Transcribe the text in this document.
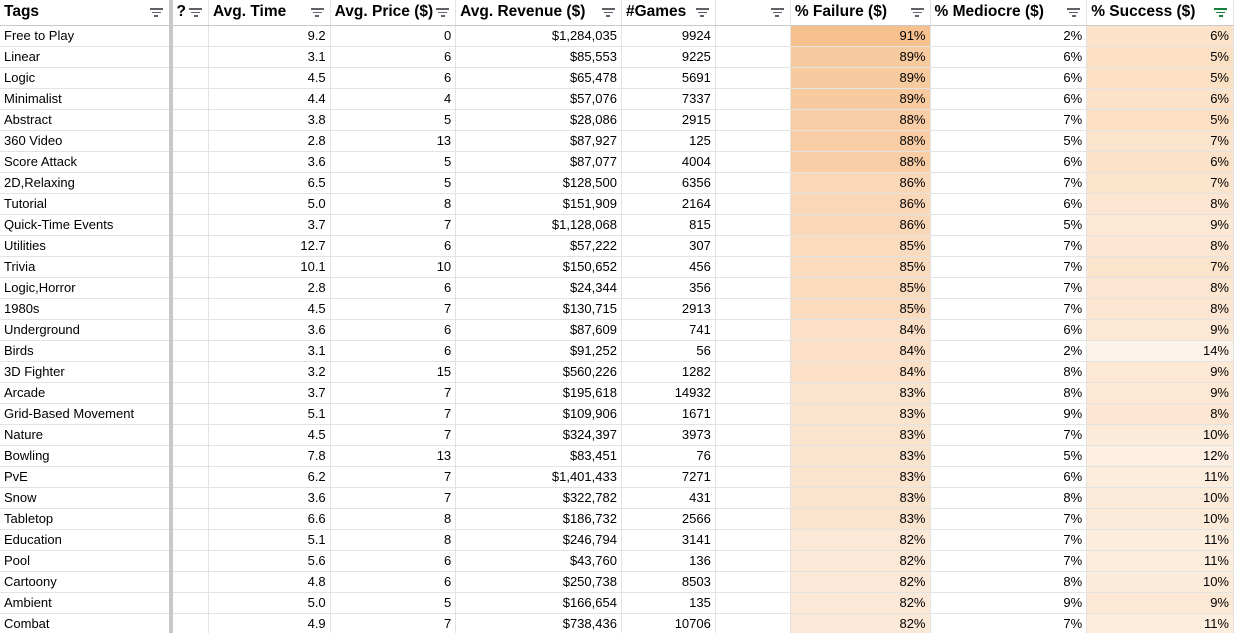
Tags	?	Avg. Time	Avg. Price ($)	Avg. Revenue ($)	#Games		% Failure ($)	% Mediocre ($)	% Success ($)

Free to Play		9.2	0	$1,284,035	9924		91%	2%	6%
Linear		3.1	6	$85,553	9225		89%	6%	5%
Logic		4.5	6	$65,478	5691		89%	6%	5%
Minimalist		4.4	4	$57,076	7337		89%	6%	6%
Abstract		3.8	5	$28,086	2915		88%	7%	5%
360 Video		2.8	13	$87,927	125		88%	5%	7%
Score Attack		3.6	5	$87,077	4004		88%	6%	6%
2D,Relaxing		6.5	5	$128,500	6356		86%	7%	7%
Tutorial		5.0	8	$151,909	2164		86%	6%	8%
Quick-Time Events		3.7	7	$1,128,068	815		86%	5%	9%
Utilities		12.7	6	$57,222	307		85%	7%	8%
Trivia		10.1	10	$150,652	456		85%	7%	7%
Logic,Horror		2.8	6	$24,344	356		85%	7%	8%
1980s		4.5	7	$130,715	2913		85%	7%	8%
Underground		3.6	6	$87,609	741		84%	6%	9%
Birds		3.1	6	$91,252	56		84%	2%	14%
3D Fighter		3.2	15	$560,226	1282		84%	8%	9%
Arcade		3.7	7	$195,618	14932		83%	8%	9%
Grid-Based Movement		5.1	7	$109,906	1671		83%	9%	8%
Nature		4.5	7	$324,397	3973		83%	7%	10%
Bowling		7.8	13	$83,451	76		83%	5%	12%
PvE		6.2	7	$1,401,433	7271		83%	6%	11%
Snow		3.6	7	$322,782	431		83%	8%	10%
Tabletop		6.6	8	$186,732	2566		83%	7%	10%
Education		5.1	8	$246,794	3141		82%	7%	11%
Pool		5.6	6	$43,760	136		82%	7%	11%
Cartoony		4.8	6	$250,738	8503		82%	8%	10%
Ambient		5.0	5	$166,654	135		82%	9%	9%
Combat		4.9	7	$738,436	10706		82%	7%	11%
